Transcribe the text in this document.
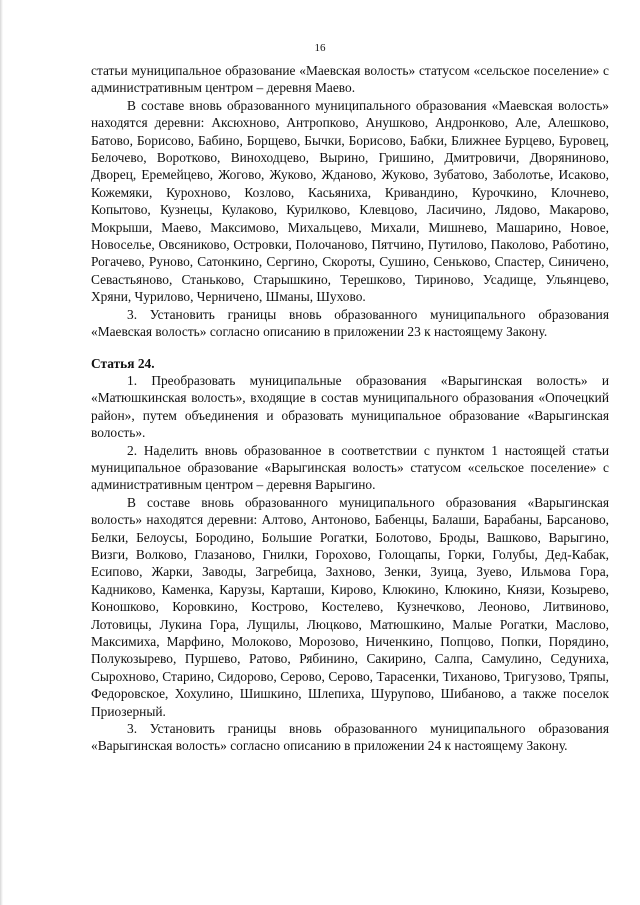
16

статьи муниципальное образование «Маевская волость» статусом «сельское поселение» с административным центром – деревня Маево.

В составе вновь образованного муниципального образования «Маевская волость» находятся деревни: Аксюхново, Антропково, Анушково, Андронково, Але, Алешково, Батово, Борисово, Бабино, Борщево, Бычки, Борисово, Бабки, Ближнее Бурцево, Буровец, Белочево, Воротково, Виноходцево, Вырино, Гришино, Дмитровичи, Дворяниново, Дворец, Еремейцево, Жогово, Жуково, Жданово, Жуково, Зубатово, Заболотье, Исаково, Кожемяки, Курохново, Козлово, Касьяниха, Кривандино, Курочкино, Клочнево, Копытово, Кузнецы, Кулаково, Курилково, Клевцово, Ласичино, Лядово, Макарово, Мокрыши, Маево, Максимово, Михальцево, Михали, Мишнево, Машарино, Новое, Новоселье, Овсяниково, Островки, Полочаново, Пятчино, Путилово, Паколово, Работино, Рогачево, Руново, Сатонкино, Сергино, Скороты, Сушино, Сеньково, Спастер, Синичено, Севастьяново, Станьково, Старышкино, Терешково, Тириново, Усадище, Ульянцево, Хряни, Чурилово, Черничено, Шманы, Шухово.

3. Установить границы вновь образованного муниципального образования «Маевская волость» согласно описанию в приложении 23 к настоящему Закону.

Статья 24.

1. Преобразовать муниципальные образования «Варыгинская волость» и «Матюшкинская волость», входящие в состав муниципального образования «Опочецкий район», путем объединения и образовать муниципальное образование «Варыгинская волость».

2. Наделить вновь образованное в соответствии с пунктом 1 настоящей статьи муниципальное образование «Варыгинская волость» статусом «сельское поселение» с административным центром – деревня Варыгино.

В составе вновь образованного муниципального образования «Варыгинская волость» находятся деревни: Алтово, Антоново, Бабенцы, Балаши, Барабаны, Барсаново, Белки, Белоусы, Бородино, Большие Рогатки, Болотово, Броды, Вашково, Варыгино, Визги, Волково, Глазаново, Гнилки, Горохово, Голощапы, Горки, Голубы, Дед-Кабак, Есипово, Жарки, Заводы, Загребица, Захново, Зенки, Зуица, Зуево, Ильмова Гора, Кадниково, Каменка, Карузы, Карташи, Кирово, Клюкино, Клюкино, Князи, Козырево, Коношково, Коровкино, Кострово, Костелево, Кузнечково, Леоново, Литвиново, Лотовицы, Лукина Гора, Лущилы, Люцково, Матюшкино, Малые Рогатки, Маслово, Максимиха, Марфино, Молоково, Морозово, Ниченкино, Попцово, Попки, Порядино, Полукозырево, Пуршево, Ратово, Рябинино, Сакирино, Салпа, Самулино, Седуниха, Сырохново, Старино, Сидорово, Серово, Серово, Тарасенки, Тиханово, Тригузово, Тряпы, Федоровское, Хохулино, Шишкино, Шлепиха, Шурупово, Шибаново, а также поселок Приозерный.

3. Установить границы вновь образованного муниципального образования «Варыгинская волость» согласно описанию в приложении 24 к настоящему Закону.
